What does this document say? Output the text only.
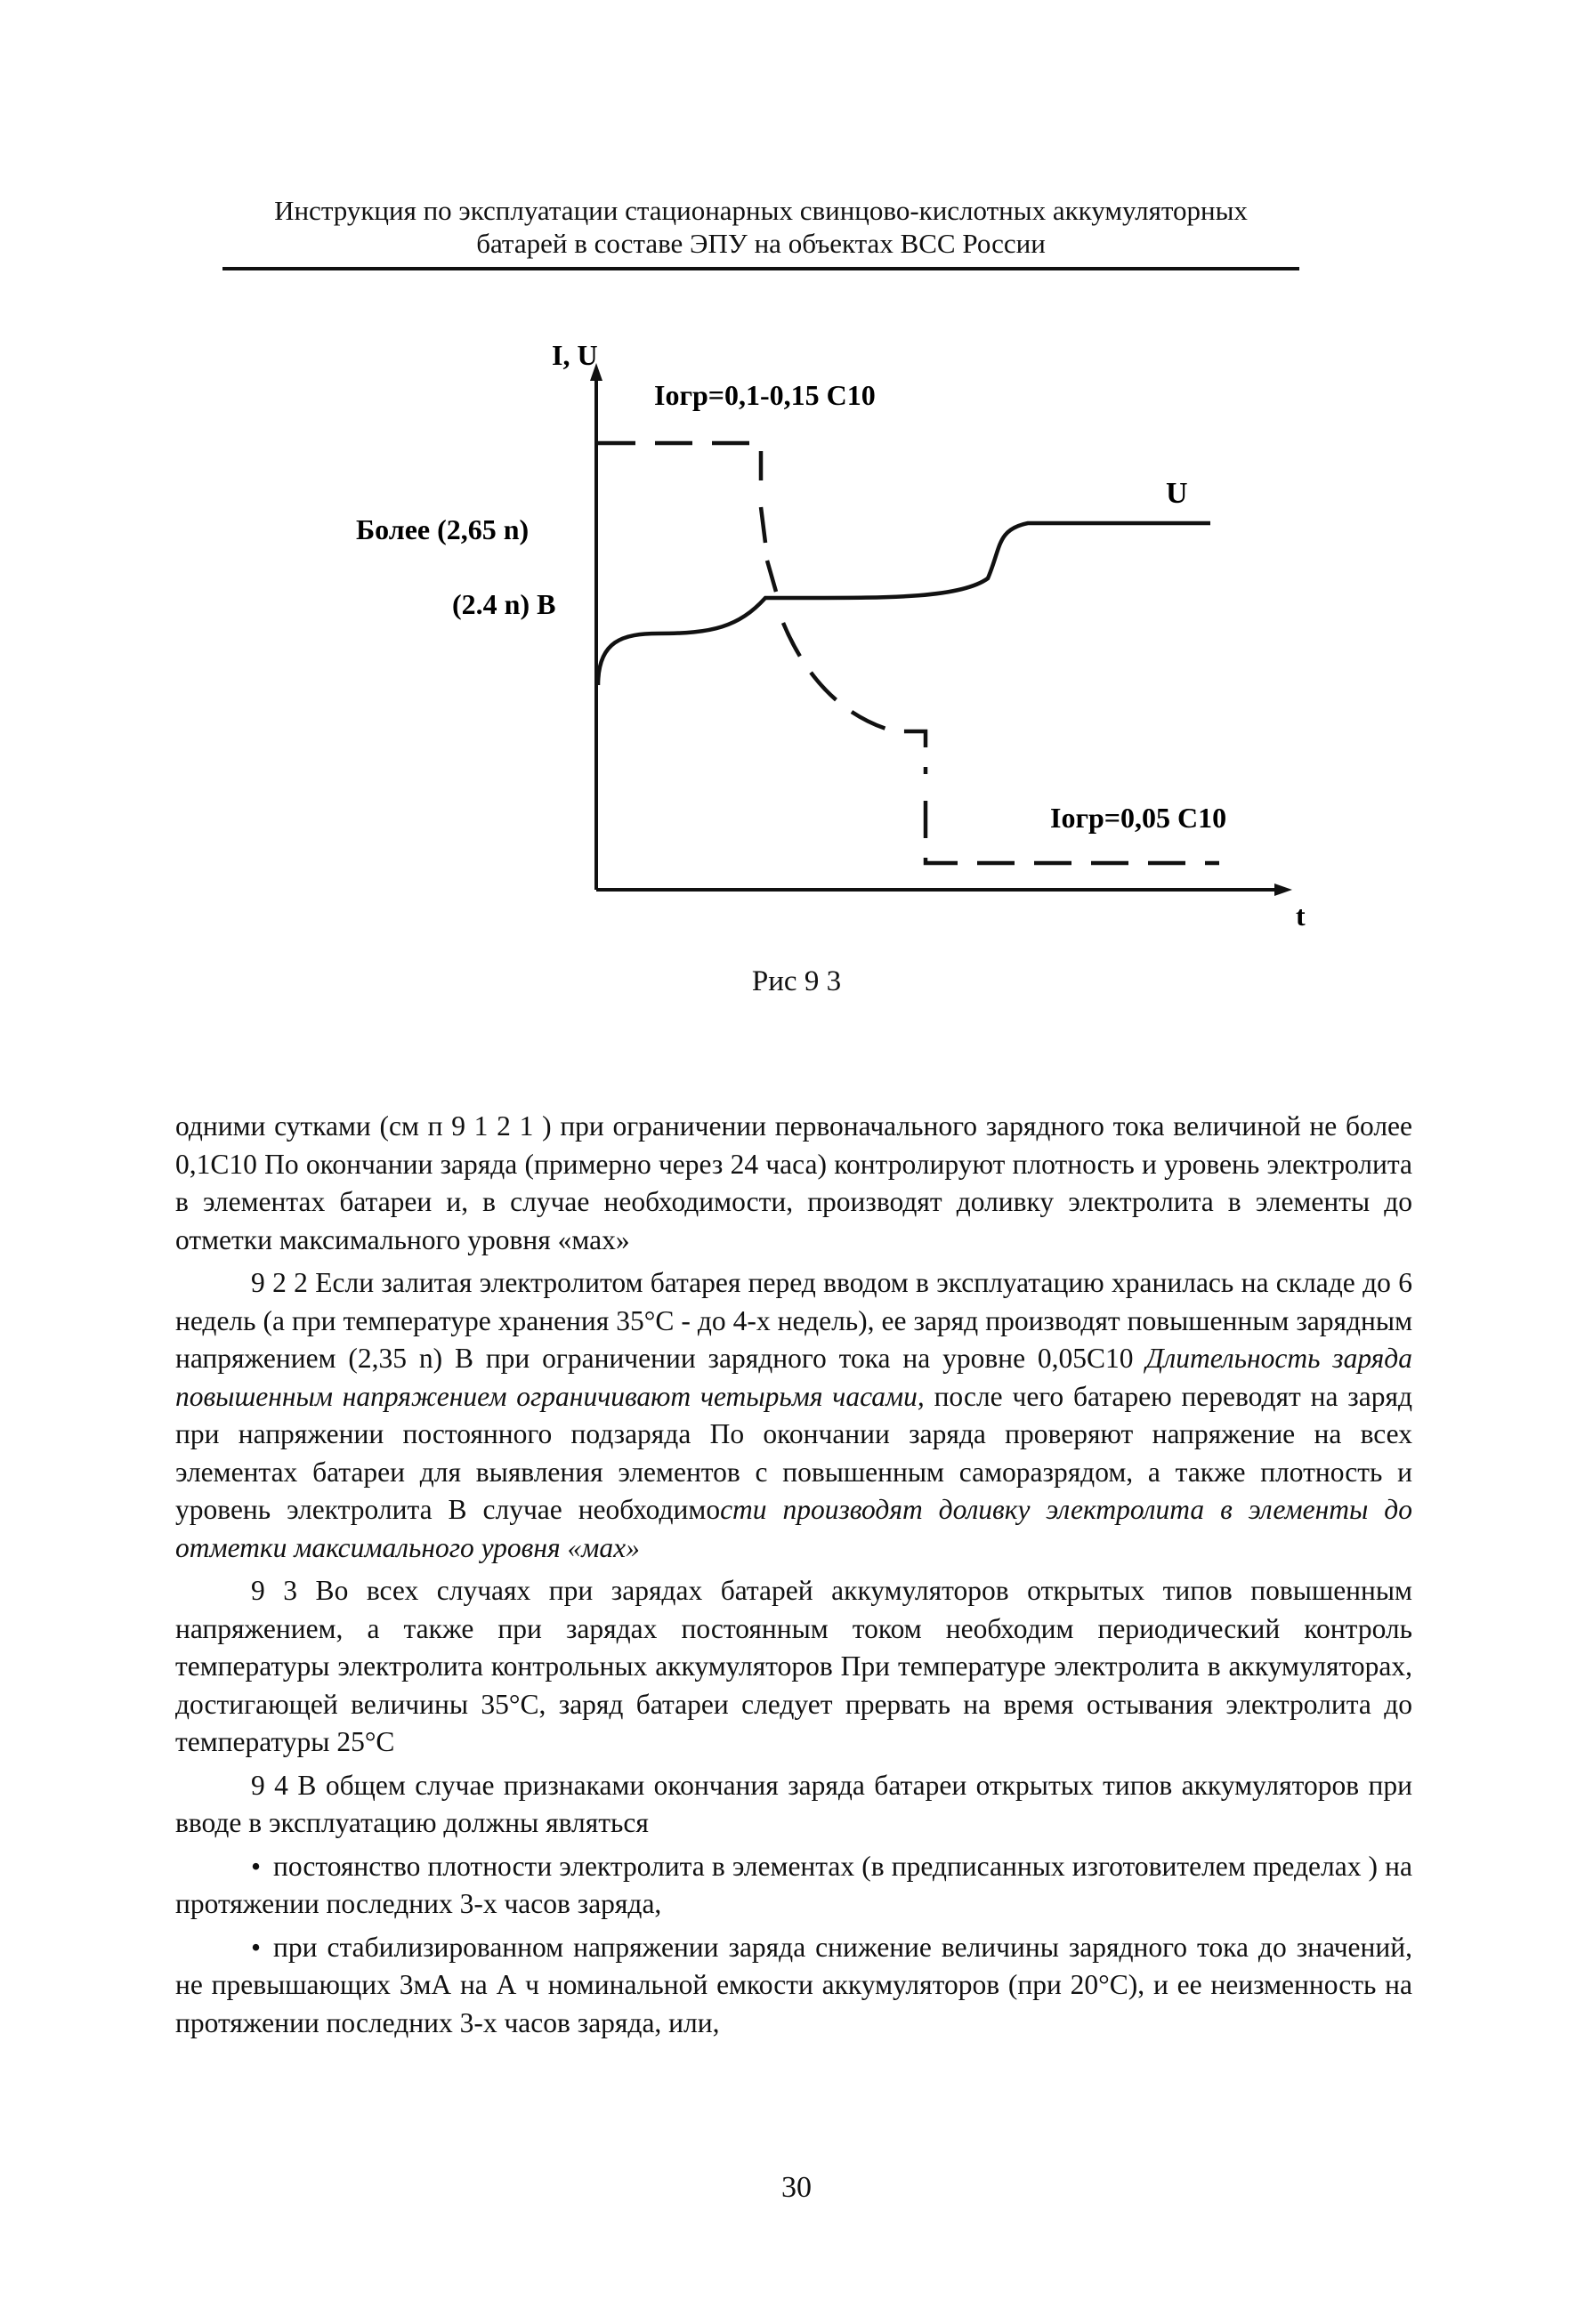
Инструкция по эксплуатации стационарных свинцово-кислотных аккумуляторных
батарей в составе ЭПУ на объектах ВСС России
I, U
t
U
Более (2,65 n)
(2.4 n) В
Iогр=0,1-0,15 С10
Iогр=0,05 С10
Рис 9 3

одними сутками (см п 9 1 2 1 ) при ограничении первоначального зарядного тока величиной не более 0,1С10 По окончании заряда (примерно через 24 часа) контролируют плотность и уровень электролита в элементах батареи и, в случае необходимости, производят доливку электролита в элементы до отметки максимального уровня «мах»

9 2 2 Если залитая электролитом батарея перед вводом в эксплуатацию хранилась на складе до 6 недель (а при температуре хранения 35°С - до 4-х недель), ее заряд производят повышенным зарядным напряжением (2,35 n) В при ограничении зарядного тока на уровне 0,05С10 Длительность заряда повышенным напряжением ограничивают четырьмя часами, после чего батарею переводят на заряд при напряжении постоянного подзаряда По окончании заряда проверяют напряжение на всех элементах батареи для выявления элементов с повышенным саморазрядом, а также плотность и уровень электролита В случае необходимости производят доливку электролита в элементы до отметки максимального уровня «мах»

9 3 Во всех случаях при зарядах батарей аккумуляторов открытых типов повышенным напряжением, а также при зарядах постоянным током необходим периодический контроль температуры электролита контрольных аккумуляторов При температуре электролита в аккумуляторах, достигающей величины 35°С, заряд батареи следует прервать на время остывания электролита до температуры 25°С

9 4 В общем случае признаками окончания заряда батареи открытых типов аккумуляторов при вводе в эксплуатацию должны являться

• постоянство плотности электролита в элементах (в предписанных изготовителем пределах ) на протяжении последних 3-х часов заряда,
• при стабилизированном напряжении заряда снижение величины зарядного тока до значений, не превышающих 3мА на А ч номинальной емкости аккумуляторов (при 20°С), и ее неизменность на протяжении последних 3-х часов заряда, или,
30
